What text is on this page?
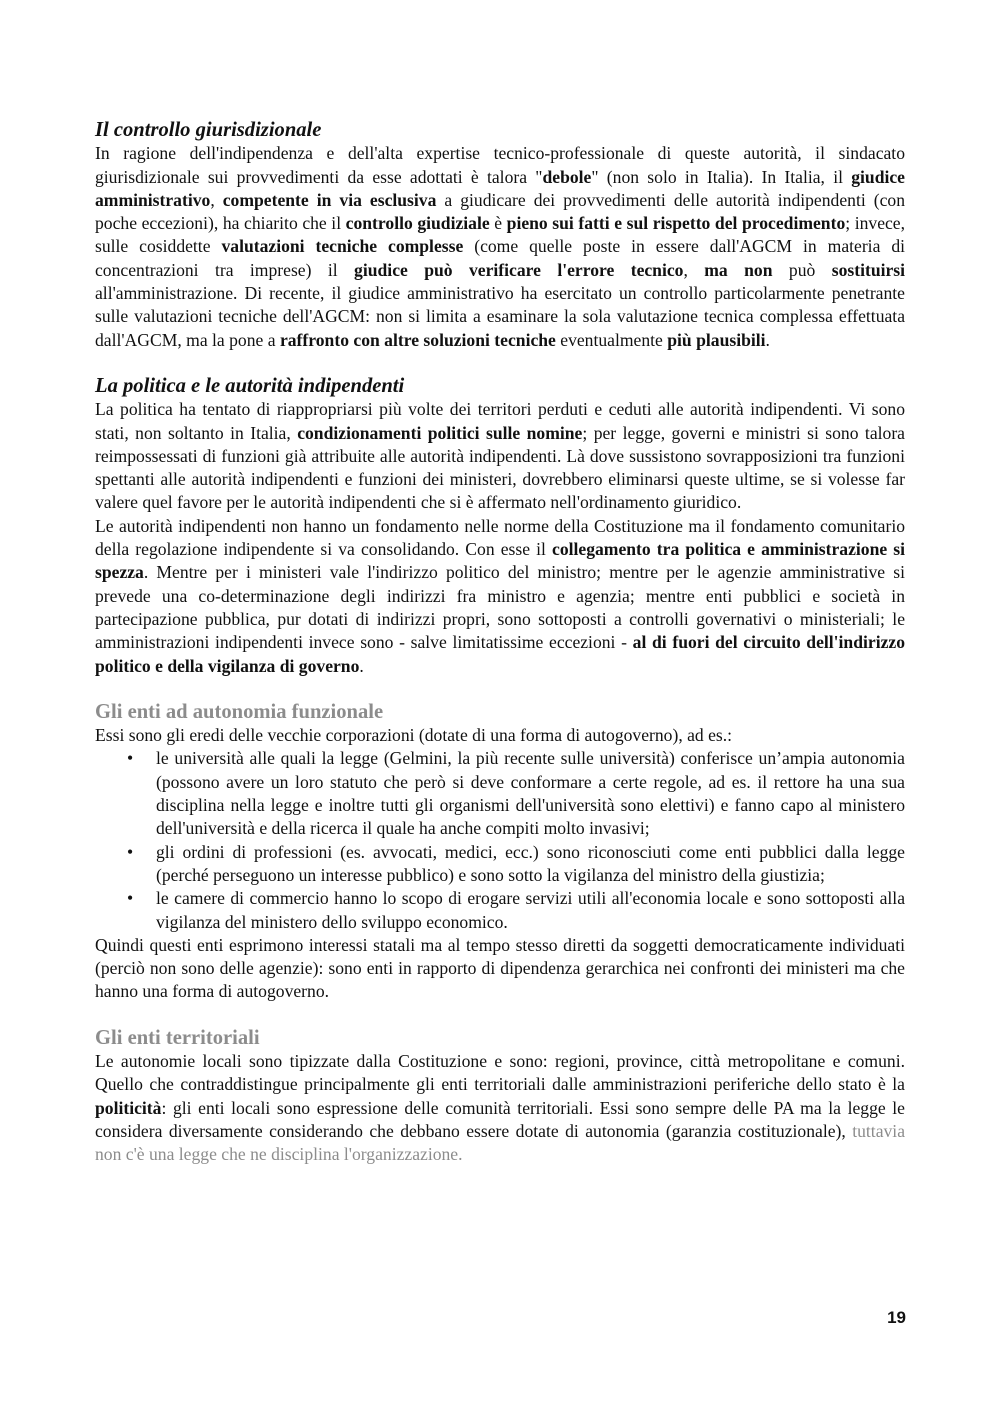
Il controllo giurisdizionale

In ragione dell'indipendenza e dell'alta expertise tecnico-professionale di queste autorità, il sindacato giurisdizionale sui provvedimenti da esse adottati è talora "debole" (non solo in Italia). In Italia, il giudice amministrativo, competente in via esclusiva a giudicare dei provvedimenti delle autorità indipendenti (con poche eccezioni), ha chiarito che il controllo giudiziale è pieno sui fatti e sul rispetto del procedimento; invece, sulle cosiddette valutazioni tecniche complesse (come quelle poste in essere dall'AGCM in materia di concentrazioni tra imprese) il giudice può verificare l'errore tecnico, ma non può sostituirsi all'amministrazione. Di recente, il giudice amministrativo ha esercitato un controllo particolarmente penetrante sulle valutazioni tecniche dell'AGCM: non si limita a esaminare la sola valutazione tecnica complessa effettuata dall'AGCM, ma la pone a raffronto con altre soluzioni tecniche eventualmente più plausibili.

La politica e le autorità indipendenti

La politica ha tentato di riappropriarsi più volte dei territori perduti e ceduti alle autorità indipendenti. Vi sono stati, non soltanto in Italia, condizionamenti politici sulle nomine; per legge, governi e ministri si sono talora reimpossessati di funzioni già attribuite alle autorità indipendenti. Là dove sussistono sovrapposizioni tra funzioni spettanti alle autorità indipendenti e funzioni dei ministeri, dovrebbero eliminarsi queste ultime, se si volesse far valere quel favore per le autorità indipendenti che si è affermato nell'ordinamento giuridico.

Le autorità indipendenti non hanno un fondamento nelle norme della Costituzione ma il fondamento comunitario della regolazione indipendente si va consolidando. Con esse il collegamento tra politica e amministrazione si spezza. Mentre per i ministeri vale l'indirizzo politico del ministro; mentre per le agenzie amministrative si prevede una co-determinazione degli indirizzi fra ministro e agenzia; mentre enti pubblici e società in partecipazione pubblica, pur dotati di indirizzi propri, sono sottoposti a controlli governativi o ministeriali; le amministrazioni indipendenti invece sono - salve limitatissime eccezioni - al di fuori del circuito dell'indirizzo politico e della vigilanza di governo.

Gli enti ad autonomia funzionale

Essi sono gli eredi delle vecchie corporazioni (dotate di una forma di autogoverno), ad es.:

• le università alle quali la legge (Gelmini, la più recente sulle università) conferisce un’ampia autonomia (possono avere un loro statuto che però si deve conformare a certe regole, ad es. il rettore ha una sua disciplina nella legge e inoltre tutti gli organismi dell'università sono elettivi) e fanno capo al ministero dell'università e della ricerca il quale ha anche compiti molto invasivi;
• gli ordini di professioni (es. avvocati, medici, ecc.) sono riconosciuti come enti pubblici dalla legge (perché perseguono un interesse pubblico) e sono sotto la vigilanza del ministro della giustizia;
• le camere di commercio hanno lo scopo di erogare servizi utili all'economia locale e sono sottoposti alla vigilanza del ministero dello sviluppo economico.

Quindi questi enti esprimono interessi statali ma al tempo stesso diretti da soggetti democraticamente individuati (perciò non sono delle agenzie): sono enti in rapporto di dipendenza gerarchica nei confronti dei ministeri ma che hanno una forma di autogoverno.

Gli enti territoriali

Le autonomie locali sono tipizzate dalla Costituzione e sono: regioni, province, città metropolitane e comuni. Quello che contraddistingue principalmente gli enti territoriali dalle amministrazioni periferiche dello stato è la politicità: gli enti locali sono espressione delle comunità territoriali. Essi sono sempre delle PA ma la legge le considera diversamente considerando che debbano essere dotate di autonomia (garanzia costituzionale), tuttavia non c'è una legge che ne disciplina l'organizzazione.

19
